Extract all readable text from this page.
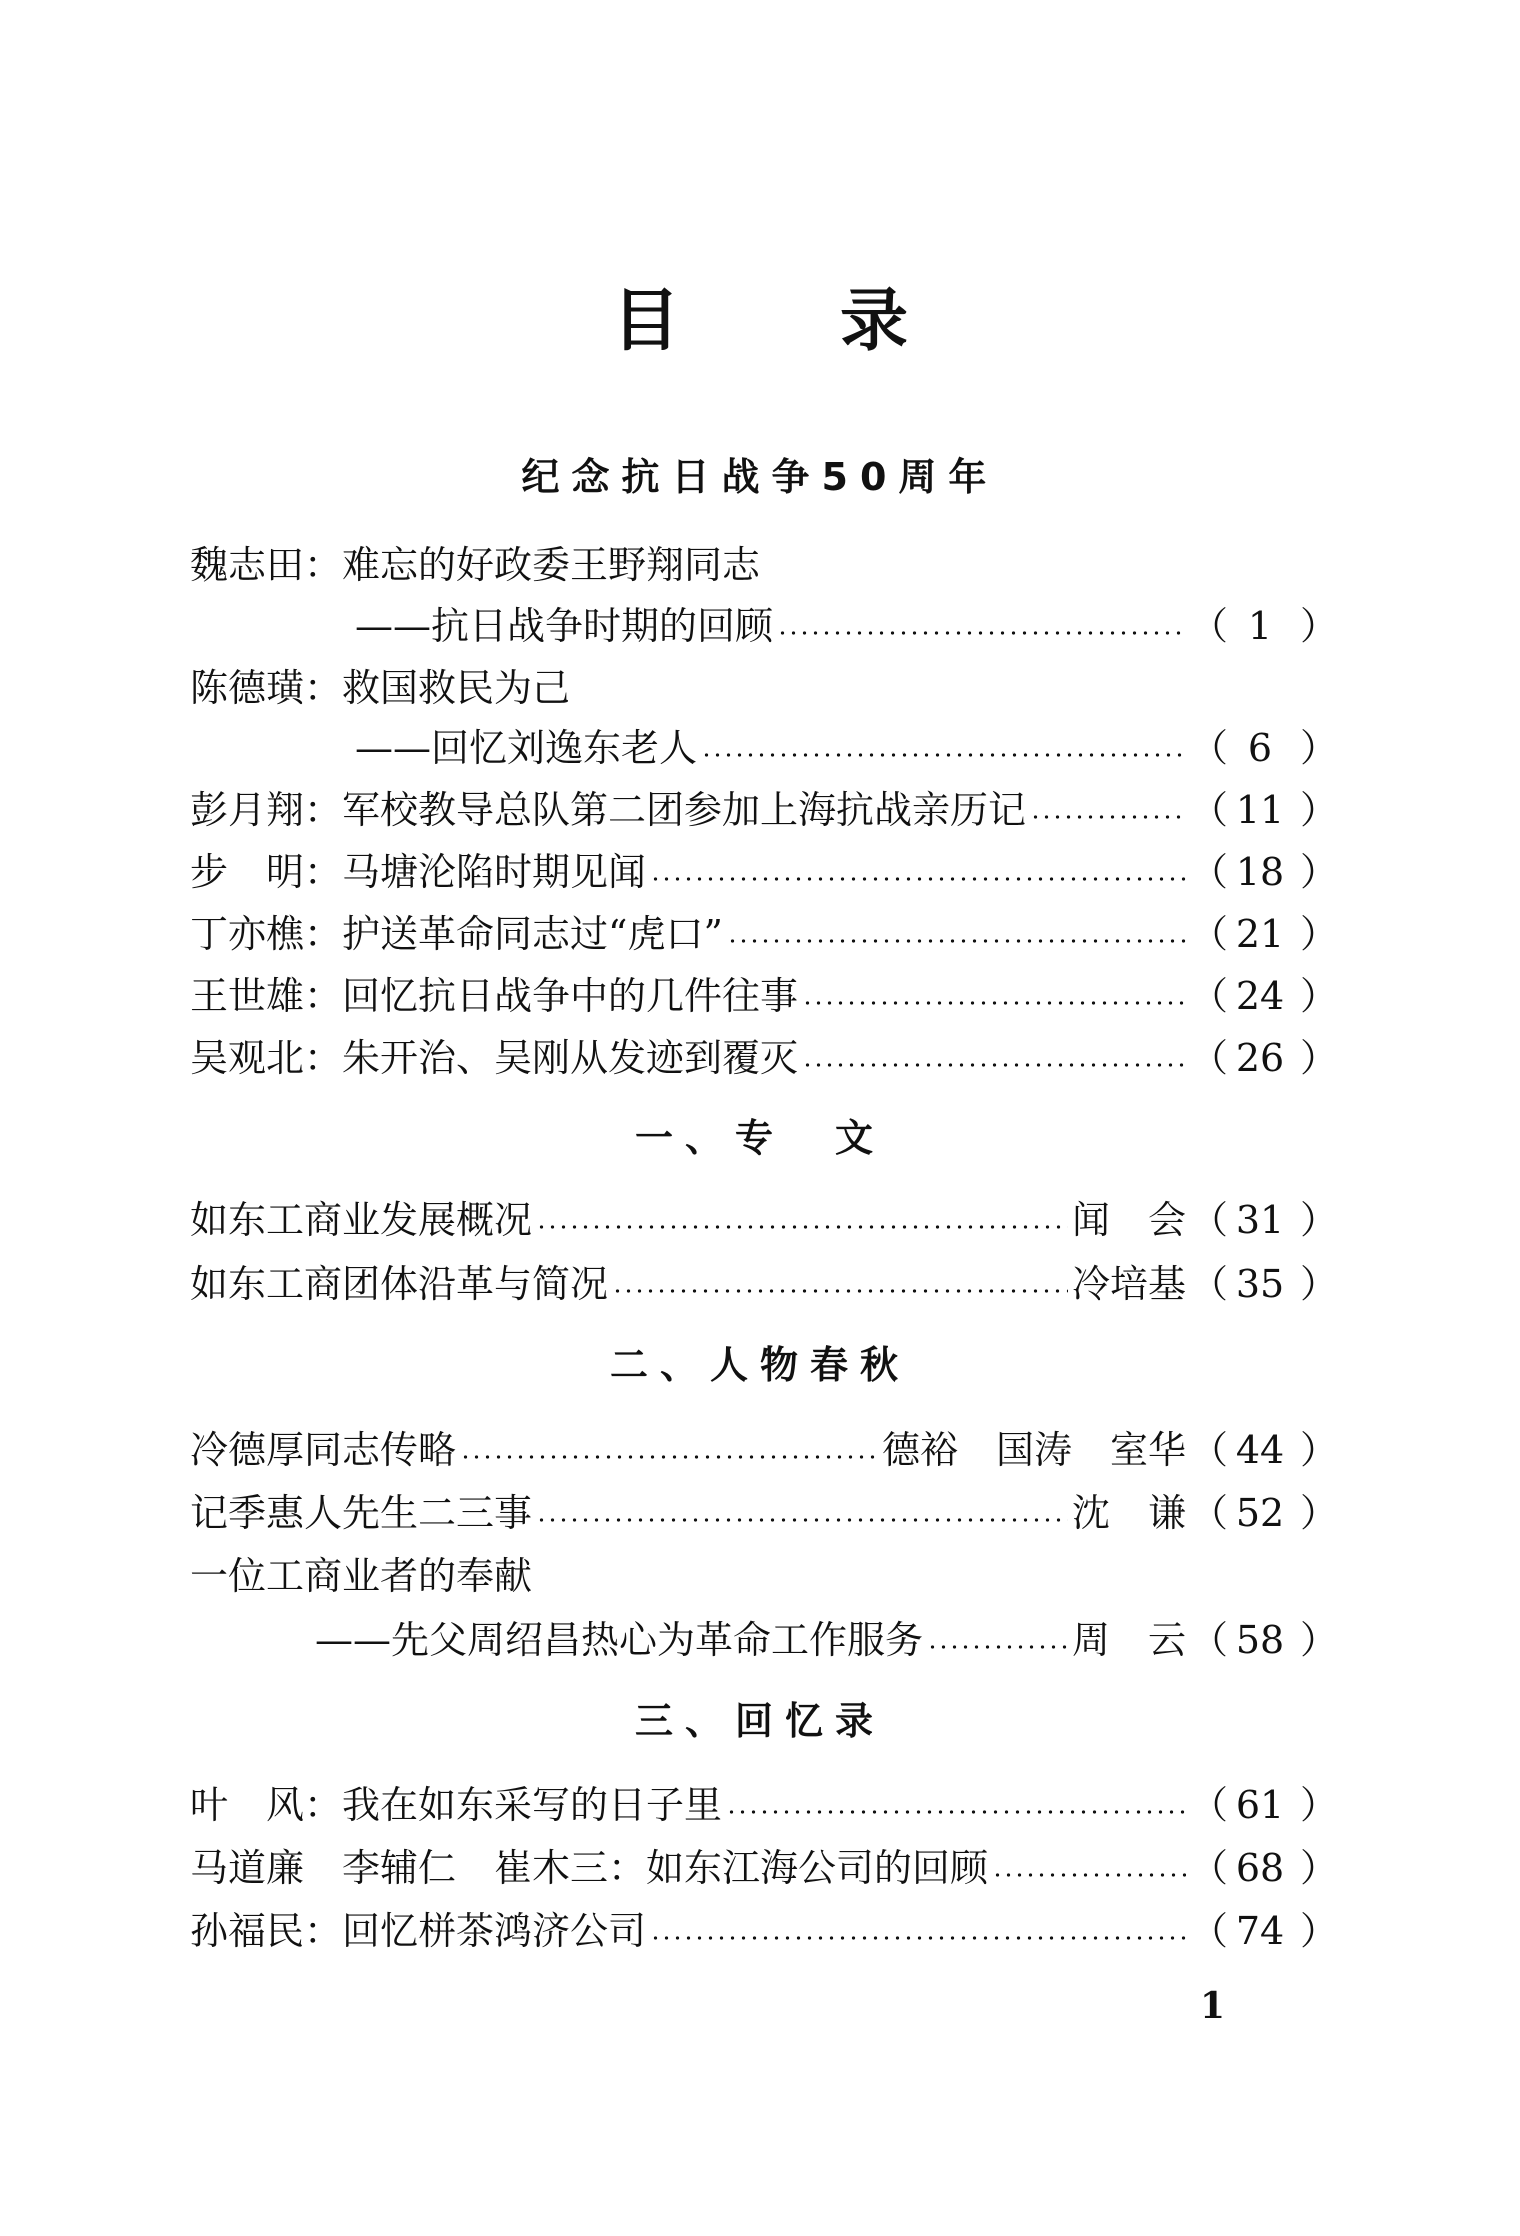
目录
纪念抗日战争50周年
魏志田： 难忘的好政委王野翔同志
——抗日战争时期的回顾	（ 1 ）
陈德璜： 救国救民为己
——回忆刘逸东老人	（ 6 ）
彭月翔： 军校教导总队第二团参加上海抗战亲历记	（ 11 ）
步　明： 马塘沦陷时期见闻	（ 18 ）
丁亦樵： 护送革命同志过“虎口”	（ 21 ）
王世雄： 回忆抗日战争中的几件往事	（ 24 ）
吴观北： 朱开治、吴刚从发迹到覆灭	（ 26 ）
一、专　文
如东工商业发展概况	闻　会 （ 31 ）
如东工商团体沿革与简况	冷培基 （ 35 ）
二、人物春秋
冷德厚同志传略	德裕　国涛　室华 （ 44 ）
记季惠人先生二三事	沈　谦 （ 52 ）
一位工商业者的奉献
——先父周绍昌热心为革命工作服务	周　云 （ 58 ）
三、回忆录
叶　风： 我在如东采写的日子里	（ 61 ）
马道廉　李辅仁　崔木三： 如东江海公司的回顾	（ 68 ）
孙福民： 回忆栟茶鸿济公司	（ 74 ）
1
